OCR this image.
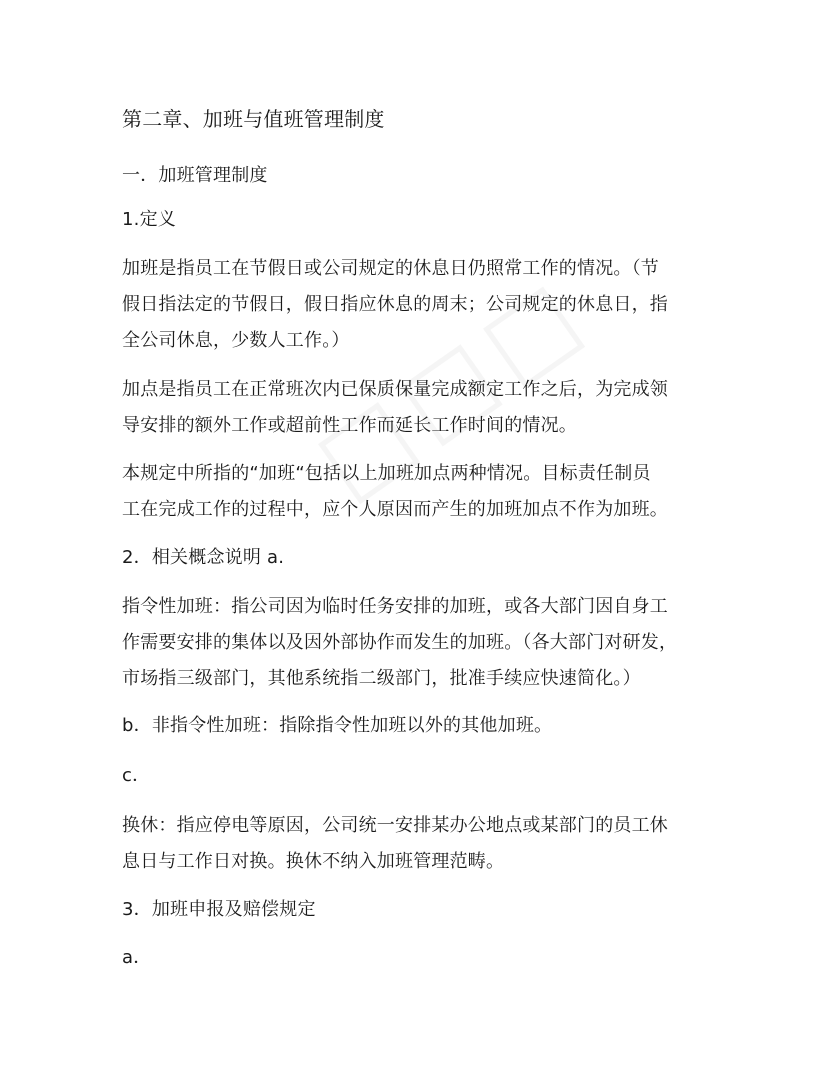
第二章、加班与值班管理制度
一．加班管理制度
1.定义
加班是指员工在节假日或公司规定的休息日仍照常工作的情况。（节
假日指法定的节假日，假日指应休息的周末；公司规定的休息日，指
全公司休息，少数人工作。）
加点是指员工在正常班次内已保质保量完成额定工作之后，为完成领
导安排的额外工作或超前性工作而延长工作时间的情况。
本规定中所指的“加班“包括以上加班加点两种情况。目标责任制员
工在完成工作的过程中，应个人原因而产生的加班加点不作为加班。
2．相关概念说明 a.
指令性加班：指公司因为临时任务安排的加班，或各大部门因自身工
作需要安排的集体以及因外部协作而发生的加班。（各大部门对研发，
市场指三级部门，其他系统指二级部门，批准手续应快速简化。）
b．非指令性加班：指除指令性加班以外的其他加班。
c．
换休：指应停电等原因，公司统一安排某办公地点或某部门的员工休
息日与工作日对换。换休不纳入加班管理范畴。
3．加班申报及赔偿规定
a．
